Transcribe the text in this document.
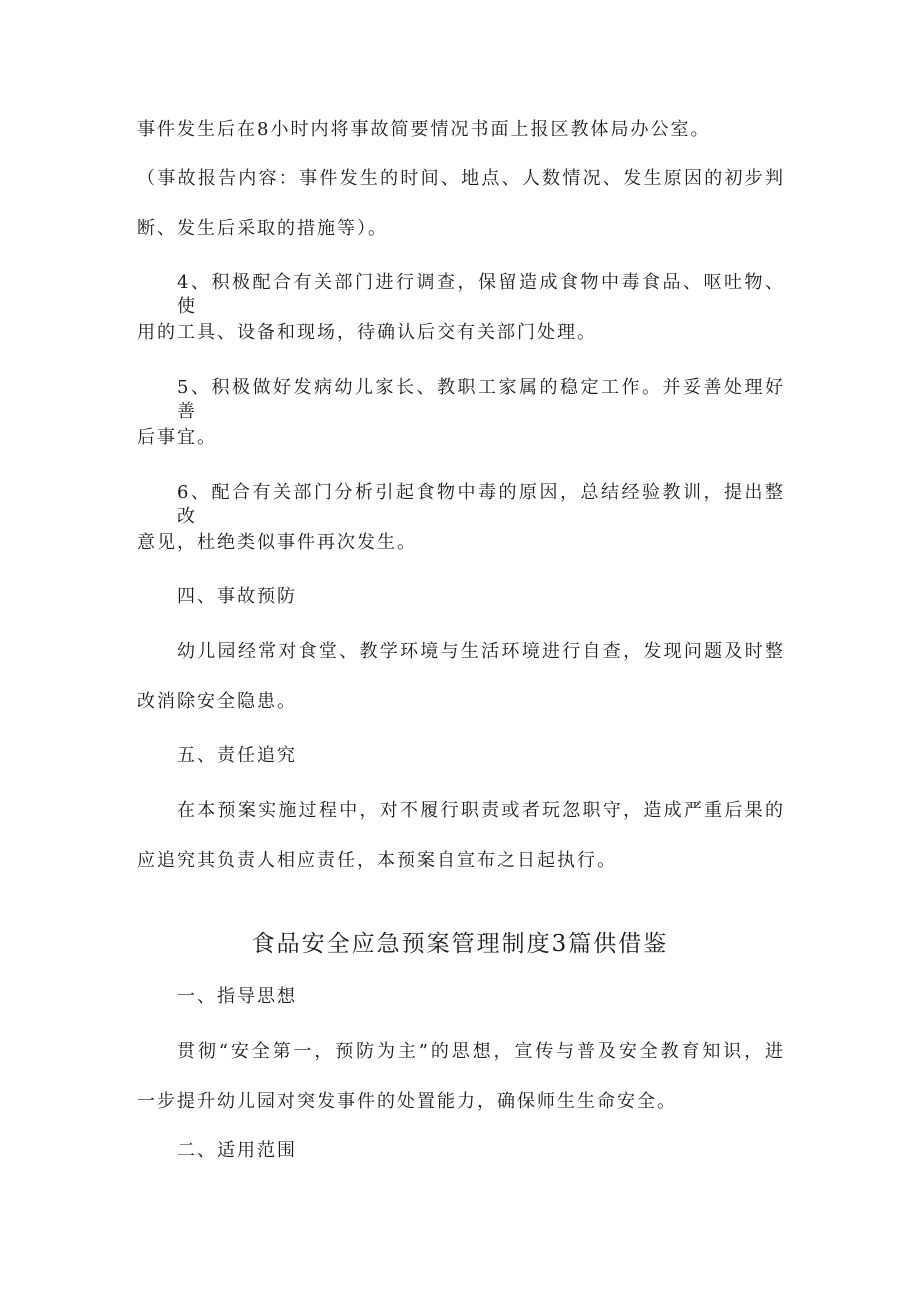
事件发生后在8小时内将事故简要情况书面上报区教体局办公室。
（事故报告内容：事件发生的时间、地点、人数情况、发生原因的初步判
断、发生后采取的措施等）。
4、积极配合有关部门进行调查，保留造成食物中毒食品、呕吐物、使
用的工具、设备和现场，待确认后交有关部门处理。
5、积极做好发病幼儿家长、教职工家属的稳定工作。并妥善处理好善
后事宜。
6、配合有关部门分析引起食物中毒的原因，总结经验教训，提出整改
意见，杜绝类似事件再次发生。
四、事故预防
幼儿园经常对食堂、教学环境与生活环境进行自查，发现问题及时整
改消除安全隐患。
五、责任追究
在本预案实施过程中，对不履行职责或者玩忽职守，造成严重后果的
应追究其负责人相应责任，本预案自宣布之日起执行。
食品安全应急预案管理制度3篇供借鉴
一、指导思想
贯彻“安全第一，预防为主”的思想，宣传与普及安全教育知识，进
一步提升幼儿园对突发事件的处置能力，确保师生生命安全。
二、适用范围
